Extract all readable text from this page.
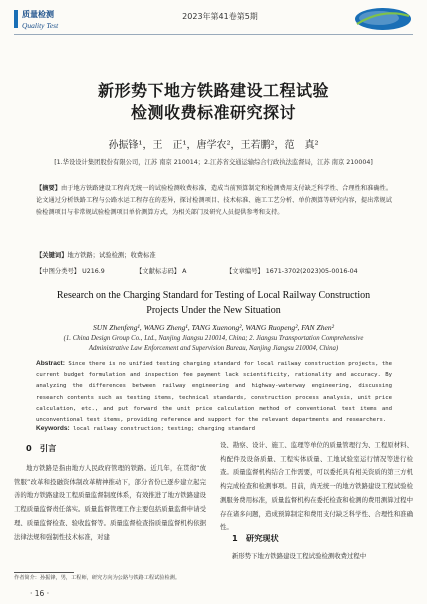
质量检测
Quality Test
2023年第41卷第5期
新形势下地方铁路建设工程试验
检测收费标准研究探讨
孙振锋¹，王　正¹，唐学农²，王若鹏²，范　真²
[1.华设设计集团股份有限公司，江苏 南京 210014；2.江苏省交通运输综合行政执法监督局，江苏 南京 210004]
【摘要】由于地方铁路建设工程尚无统一的试验检测收费标准，造成当前预算制定和检测费用支付缺乏科学性、合理性和准确性。论文通过分析铁路工程与公路水运工程存在的差异，探讨检测项目、技术标准、施工工艺分析、单价测算等研究内容，提出常规试验检测项目与非常规试验检测项目单价测算方式，为相关部门及研究人员提供参考和支持。
【关键词】地方铁路；试验检测；收费标准
【中图分类号】 U216.9	【文献标志码】 A	【文章编号】 1671-3702(2023)05-0016-04
Research on the Charging Standard for Testing of Local Railway Construction
Projects Under the New Situation
SUN Zhenfeng¹, WANG Zheng¹, TANG Xuenong², WANG Ruopeng², FAN Zhen²
(1. China Design Group Co., Ltd., Nanjing Jiangsu 210014, China; 2. Jiangsu Transportation Comprehensive
Administrative Law Enforcement and Supervision Bureau, Nanjing Jiangsu 210004, China)
Abstract: Since there is no unified testing charging standard for local railway construction projects, the current budget formulation and inspection fee payment lack scientificity, rationality and accuracy. By analyzing the differences between railway engineering and highway-waterway engineering, discussing research contents such as testing items, technical standards, construction process analysis, unit price calculation, etc., and put forward the unit price calculation method of conventional test items and unconventional test items, providing reference and support for the relevant departments and researchers.
Keywords: local railway construction; testing; charging standard
0　引言
地方铁路是指由地方人民政府管理的铁路。近几年，在贯彻“放管服”改革和投融资体制改革精神推动下，部分省份已逐步建立起完善的地方铁路建设工程质量监督制度体系，有效推进了地方铁路建设工程质量监督责任落实。质量监督管理工作主要包括质量监督申请受理、质量监督检查、验收监督等。质量监督检查指质量监督机构依据法律法规和强制性技术标准，对建
设、勘察、设计、施工、监理等单位的质量管理行为、工程原材料、构配件及设备质量、工程实体质量、工地试验室运行情况等进行检查。质量监督机构结合工作需要，可以委托具有相关资质的第三方机构完成检查和检测事项。目前，尚无统一的地方铁路建设工程试验检测服务费用标准，质量监督机构在委托检查和检测的费用测算过程中存在诸多问题，造成预算制定和费用支付缺乏科学性、合理性和准确性。
1　研究现状
新形势下地方铁路建设工程试验检测收费过程中
作者简介：孙振锋，男，工程师，研究方向为公路与铁路工程试验检测。
· 16 ·
